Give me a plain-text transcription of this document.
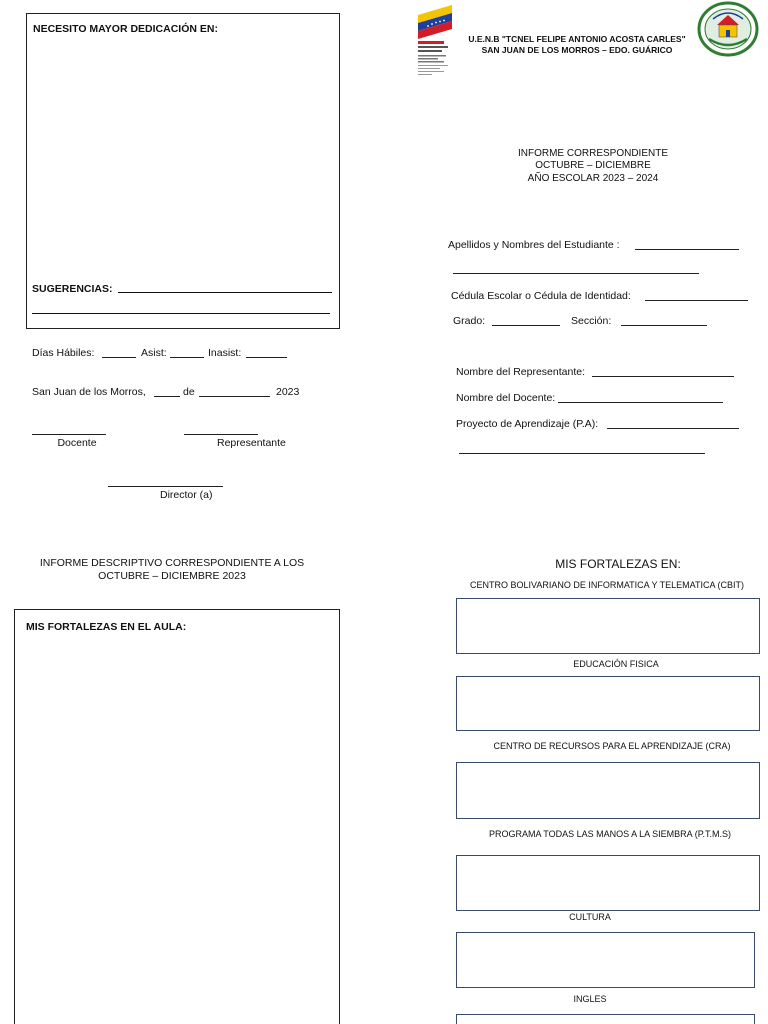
NECESITO MAYOR DEDICACIÓN EN:
SUGERENCIAS:
Días Hábiles:	Asist:	Inasist:
San Juan de los Morros,	de	2023
Docente	Representante
Director (a)
INFORME DESCRIPTIVO CORRESPONDIENTE A LOS
OCTUBRE – DICIEMBRE 2023
MIS FORTALEZAS EN EL AULA:
U.E.N.B "TCNEL FELIPE ANTONIO ACOSTA CARLES"
SAN JUAN DE LOS MORROS – EDO. GUÁRICO
INFORME CORRESPONDIENTE
OCTUBRE – DICIEMBRE
AÑO ESCOLAR 2023 – 2024
Apellidos y Nombres del Estudiante :
Cédula Escolar o Cédula de Identidad:
Grado:	Sección:
Nombre del Representante:
Nombre del Docente:
Proyecto de Aprendizaje (P.A):
MIS FORTALEZAS EN:
CENTRO BOLIVARIANO DE INFORMATICA Y TELEMATICA (CBIT)
EDUCACIÓN FISICA
CENTRO DE RECURSOS PARA EL APRENDIZAJE (CRA)
PROGRAMA TODAS LAS MANOS A LA SIEMBRA (P.T.M.S)
CULTURA
INGLES
